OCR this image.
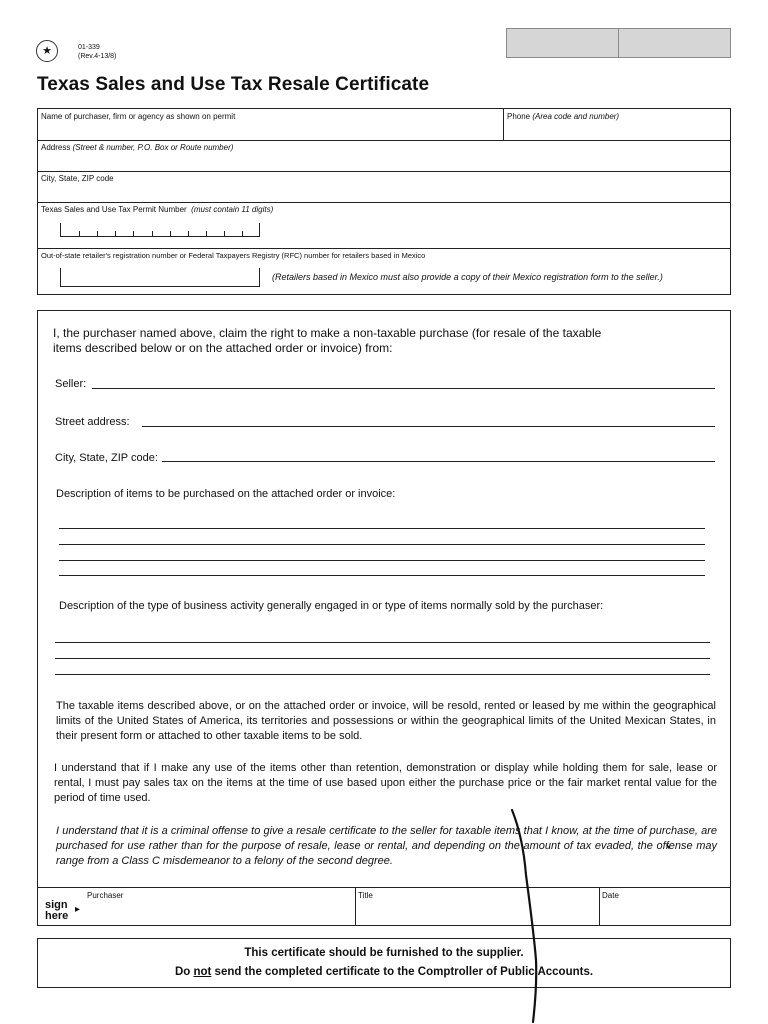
★	01-339
(Rev.4-13/8)
Texas Sales and Use Tax Resale Certificate
Name of purchaser, firm or agency as shown on permit	Phone (Area code and number)
Address (Street & number, P.O. Box or Route number)
City, State, ZIP code
Texas Sales and Use Tax Permit Number (must contain 11 digits)
Out-of-state retailer's registration number or Federal Taxpayers Registry (RFC) number for retailers based in Mexico
(Retailers based in Mexico must also provide a copy of their Mexico registration form to the seller.)
I, the purchaser named above, claim the right to make a non-taxable purchase (for resale of the taxable
items described below or on the attached order or invoice) from:
Seller:
Street address:
City, State, ZIP code:
Description of items to be purchased on the attached order or invoice:
Description of the type of business activity generally engaged in or type of items normally sold by the purchaser:
The taxable items described above, or on the attached order or invoice, will be resold, rented or leased by me within the geographical limits of the United States of America, its territories and possessions or within the geographical limits of the United Mexican States, in their present form or attached to other taxable items to be sold.
I understand that if I make any use of the items other than retention, demonstration or display while holding them for sale, lease or rental, I must pay sales tax on the items at the time of use based upon either the purchase price or the fair market rental value for the period of time used.
I understand that it is a criminal offense to give a resale certificate to the seller for taxable items that I know, at the time of purchase, are purchased for use rather than for the purpose of resale, lease or rental, and depending on the amount of tax evaded, the offense may range from a Class C misdemeanor to a felony of the second degree.
sign
here
▸
Purchaser	Title	Date
This certificate should be furnished to the supplier.
Do not send the completed certificate to the Comptroller of Public Accounts.
